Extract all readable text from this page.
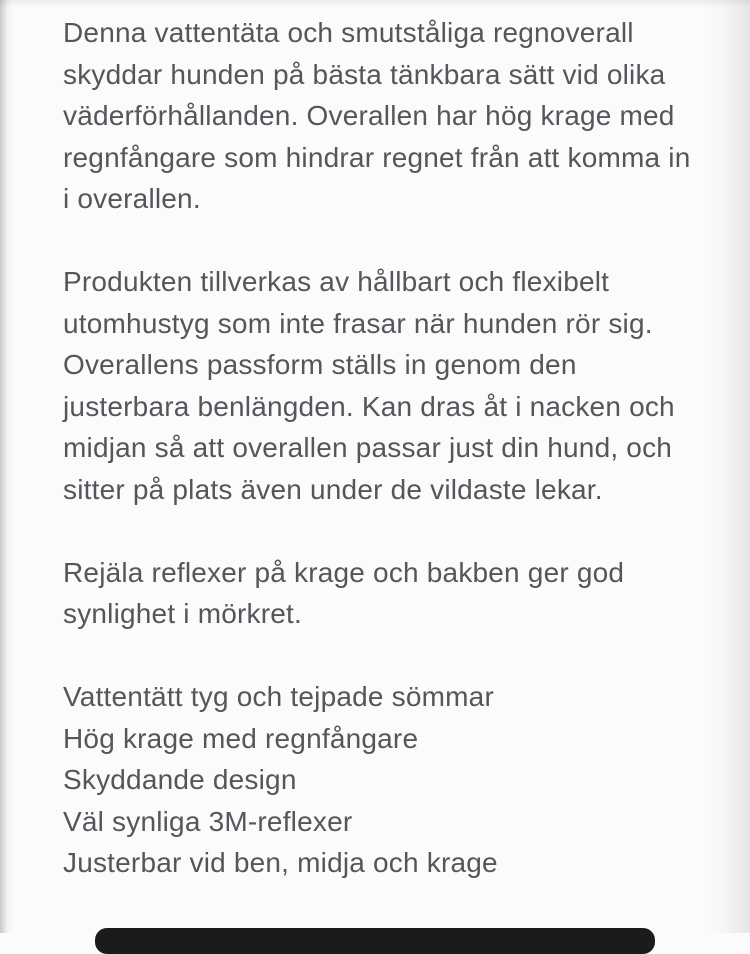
Denna vattentäta och smutståliga regnoverall skyddar hunden på bästa tänkbara sätt vid olika väderförhållanden. Overallen har hög krage med regnfångare som hindrar regnet från att komma in i overallen.

Produkten tillverkas av hållbart och flexibelt utomhustyg som inte frasar när hunden rör sig. Overallens passform ställs in genom den justerbara benlängden. Kan dras åt i nacken och midjan så att overallen passar just din hund, och sitter på plats även under de vildaste lekar.

Rejäla reflexer på krage och bakben ger god synlighet i mörkret.

Vattentätt tyg och tejpade sömmar
Hög krage med regnfångare
Skyddande design
Väl synliga 3M-reflexer
Justerbar vid ben, midja och krage
